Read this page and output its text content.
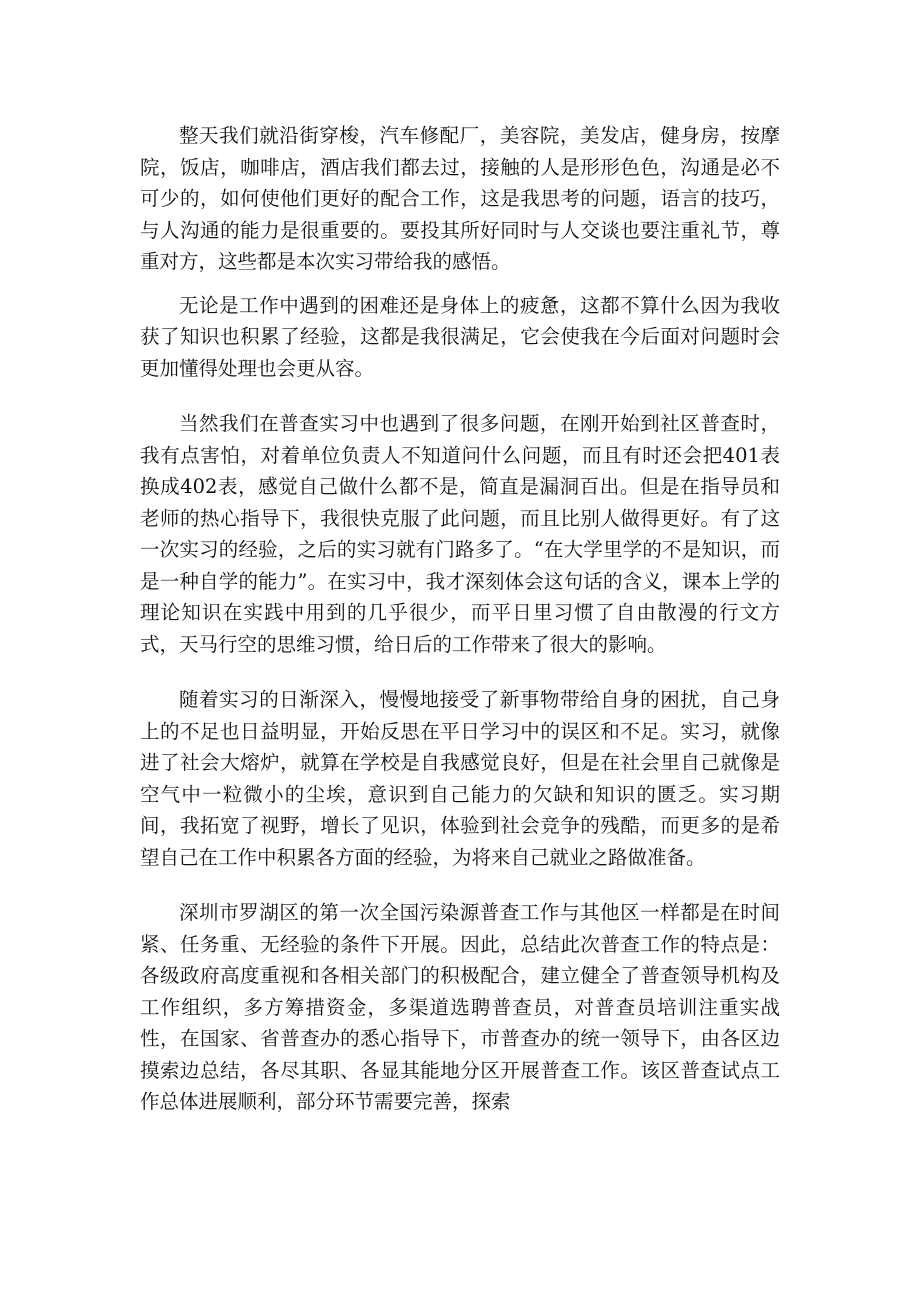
整天我们就沿街穿梭，汽车修配厂，美容院，美发店，健身房，按摩院，饭店，咖啡店，酒店我们都去过，接触的人是形形色色，沟通是必不可少的，如何使他们更好的配合工作，这是我思考的问题，语言的技巧，与人沟通的能力是很重要的。要投其所好同时与人交谈也要注重礼节，尊重对方，这些都是本次实习带给我的感悟。

无论是工作中遇到的困难还是身体上的疲惫，这都不算什么因为我收获了知识也积累了经验，这都是我很满足，它会使我在今后面对问题时会更加懂得处理也会更从容。

当然我们在普查实习中也遇到了很多问题，在刚开始到社区普查时，我有点害怕，对着单位负责人不知道问什么问题，而且有时还会把401表换成402表，感觉自己做什么都不是，简直是漏洞百出。但是在指导员和老师的热心指导下，我很快克服了此问题，而且比别人做得更好。有了这一次实习的经验，之后的实习就有门路多了。“在大学里学的不是知识，而是一种自学的能力”。在实习中，我才深刻体会这句话的含义，课本上学的理论知识在实践中用到的几乎很少，而平日里习惯了自由散漫的行文方式，天马行空的思维习惯，给日后的工作带来了很大的影响。

随着实习的日渐深入，慢慢地接受了新事物带给自身的困扰，自己身上的不足也日益明显，开始反思在平日学习中的误区和不足。实习，就像进了社会大熔炉，就算在学校是自我感觉良好，但是在社会里自己就像是空气中一粒微小的尘埃，意识到自己能力的欠缺和知识的匮乏。实习期间，我拓宽了视野，增长了见识，体验到社会竞争的残酷，而更多的是希望自己在工作中积累各方面的经验，为将来自己就业之路做准备。

深圳市罗湖区的第一次全国污染源普查工作与其他区一样都是在时间紧、任务重、无经验的条件下开展。因此，总结此次普查工作的特点是：各级政府高度重视和各相关部门的积极配合，建立健全了普查领导机构及工作组织，多方筹措资金，多渠道选聘普查员，对普查员培训注重实战性，在国家、省普查办的悉心指导下，市普查办的统一领导下，由各区边摸索边总结，各尽其职、各显其能地分区开展普查工作。该区普查试点工作总体进展顺利，部分环节需要完善，探索
